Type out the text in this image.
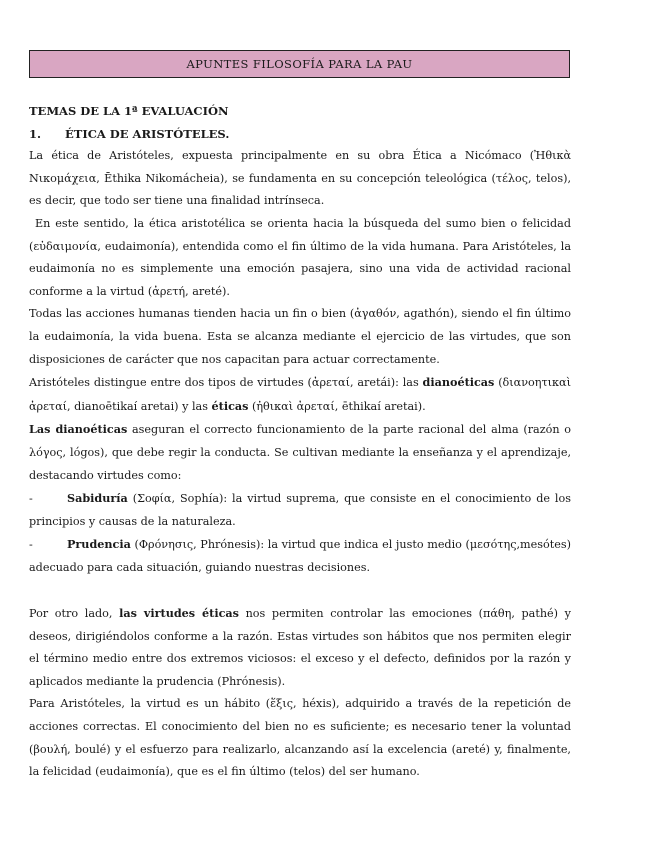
APUNTES FILOSOFÍA PARA LA PAU

TEMAS DE LA 1ª EVALUACIÓN

1. ÉTICA DE ARISTÓTELES.

La ética de Aristóteles, expuesta principalmente en su obra Ética a Nicómaco (Ἠθικὰ Νικομάχεια, Ēthika Nikomácheia), se fundamenta en su concepción teleológica (τέλος, telos), es decir, que todo ser tiene una finalidad intrínseca.

En este sentido, la ética aristotélica se orienta hacia la búsqueda del sumo bien o felicidad (εὐδαιμονία, eudaimonía), entendida como el fin último de la vida humana. Para Aristóteles, la eudaimonía no es simplemente una emoción pasajera, sino una vida de actividad racional conforme a la virtud (ἀρετή, areté).

Todas las acciones humanas tienden hacia un fin o bien (ἀγαθόν, agathón), siendo el fin último la eudaimonía, la vida buena. Esta se alcanza mediante el ejercicio de las virtudes, que son disposiciones de carácter que nos capacitan para actuar correctamente.

Aristóteles distingue entre dos tipos de virtudes (ἀρεταί, aretái): las dianoéticas (διανοητικαὶ ἀρεταί, dianoētikaí aretai) y las éticas (ἠθικαὶ ἀρεταί, ēthikaí aretai).

Las dianoéticas aseguran el correcto funcionamiento de la parte racional del alma (razón o λόγος, lógos), que debe regir la conducta. Se cultivan mediante la enseñanza y el aprendizaje, destacando virtudes como:

-	Sabiduría (Σοφία, Sophía): la virtud suprema, que consiste en el conocimiento de los principios y causas de la naturaleza.

-	Prudencia (Φρόνησις, Phrónesis): la virtud que indica el justo medio (μεσότης,mesótes) adecuado para cada situación, guiando nuestras decisiones.

Por otro lado, las virtudes éticas nos permiten controlar las emociones (πάθη, pathé) y deseos, dirigiéndolos conforme a la razón. Estas virtudes son hábitos que nos permiten elegir el término medio entre dos extremos viciosos: el exceso y el defecto, definidos por la razón y aplicados mediante la prudencia (Phrónesis).

Para Aristóteles, la virtud es un hábito (ἕξις, héxis), adquirido a través de la repetición de acciones correctas. El conocimiento del bien no es suficiente; es necesario tener la voluntad (βουλή, boulé) y el esfuerzo para realizarlo, alcanzando así la excelencia (areté) y, finalmente, la felicidad (eudaimonía), que es el fin último (telos) del ser humano.
